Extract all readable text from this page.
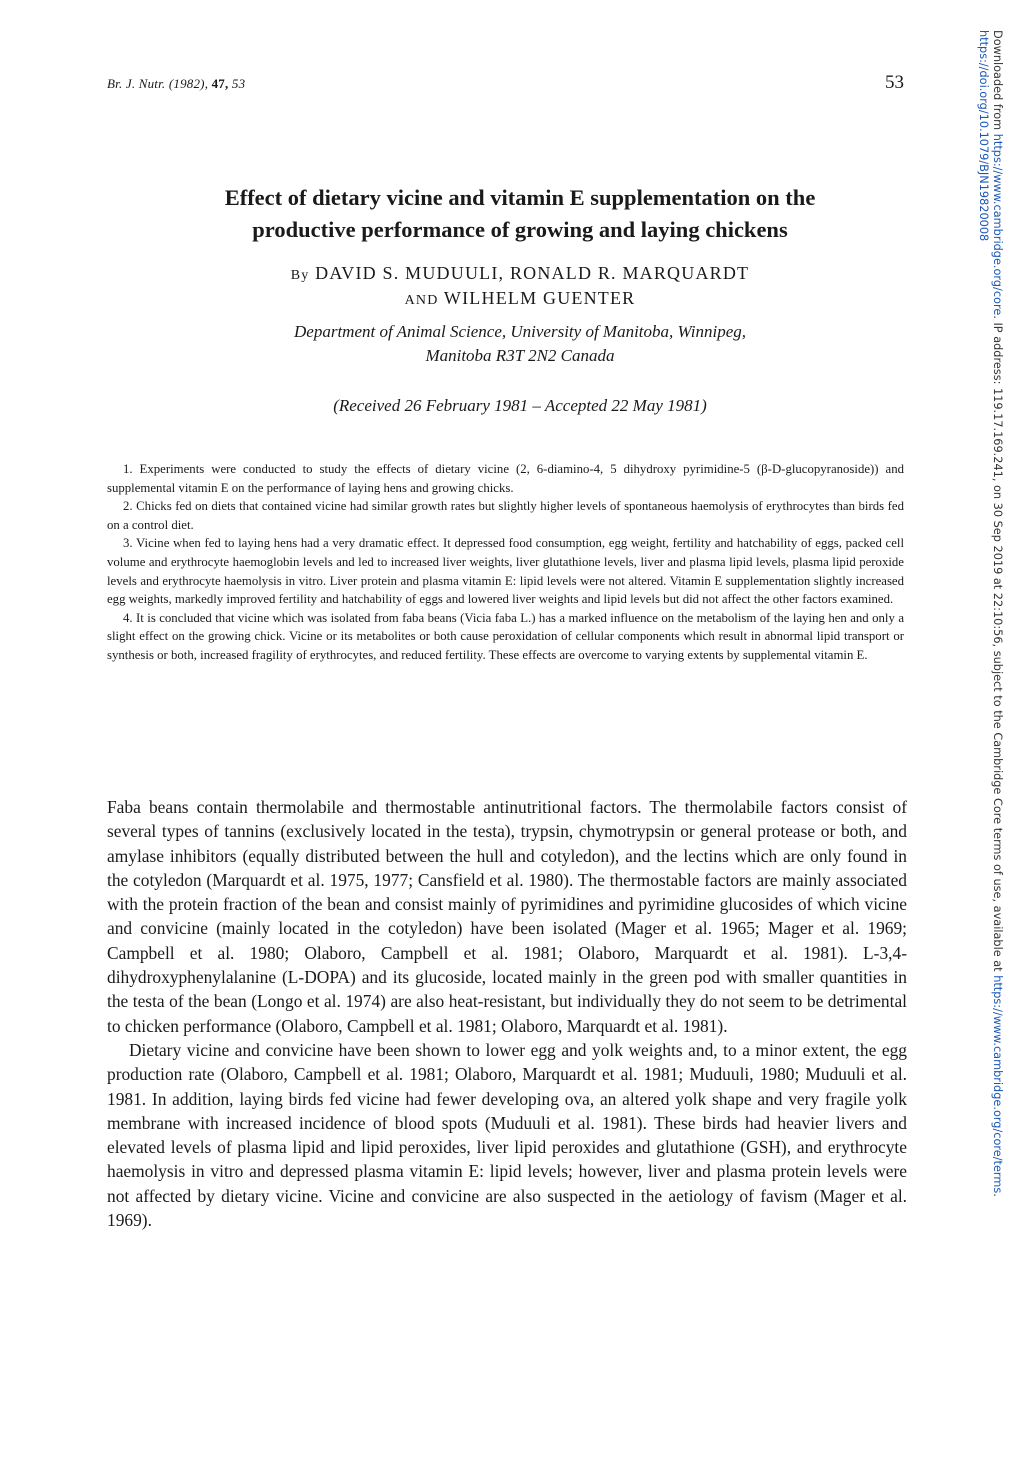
Br. J. Nutr. (1982), 47, 53	53
Effect of dietary vicine and vitamin E supplementation on the
productive performance of growing and laying chickens
By DAVID S. MUDUULI, RONALD R. MARQUARDT
AND WILHELM GUENTER
Department of Animal Science, University of Manitoba, Winnipeg,
Manitoba R3T 2N2 Canada
(Received 26 February 1981 – Accepted 22 May 1981)

1. Experiments were conducted to study the effects of dietary vicine (2, 6-diamino-4, 5 dihydroxy pyrimidine-5 (β-D-glucopyranoside)) and supplemental vitamin E on the performance of laying hens and growing chicks.

2. Chicks fed on diets that contained vicine had similar growth rates but slightly higher levels of spontaneous haemolysis of erythrocytes than birds fed on a control diet.

3. Vicine when fed to laying hens had a very dramatic effect. It depressed food consumption, egg weight, fertility and hatchability of eggs, packed cell volume and erythrocyte haemoglobin levels and led to increased liver weights, liver glutathione levels, liver and plasma lipid levels, plasma lipid peroxide levels and erythrocyte haemolysis in vitro. Liver protein and plasma vitamin E: lipid levels were not altered. Vitamin E supplementation slightly increased egg weights, markedly improved fertility and hatchability of eggs and lowered liver weights and lipid levels but did not affect the other factors examined.

4. It is concluded that vicine which was isolated from faba beans (Vicia faba L.) has a marked influence on the metabolism of the laying hen and only a slight effect on the growing chick. Vicine or its metabolites or both cause peroxidation of cellular components which result in abnormal lipid transport or synthesis or both, increased fragility of erythrocytes, and reduced fertility. These effects are overcome to varying extents by supplemental vitamin E.

Faba beans contain thermolabile and thermostable antinutritional factors. The thermolabile factors consist of several types of tannins (exclusively located in the testa), trypsin, chymotrypsin or general protease or both, and amylase inhibitors (equally distributed between the hull and cotyledon), and the lectins which are only found in the cotyledon (Marquardt et al. 1975, 1977; Cansfield et al. 1980). The thermostable factors are mainly associated with the protein fraction of the bean and consist mainly of pyrimidines and pyrimidine glucosides of which vicine and convicine (mainly located in the cotyledon) have been isolated (Mager et al. 1965; Mager et al. 1969; Campbell et al. 1980; Olaboro, Campbell et al. 1981; Olaboro, Marquardt et al. 1981). L-3,4-dihydroxyphenylalanine (L-DOPA) and its glucoside, located mainly in the green pod with smaller quantities in the testa of the bean (Longo et al. 1974) are also heat-resistant, but individually they do not seem to be detrimental to chicken performance (Olaboro, Campbell et al. 1981; Olaboro, Marquardt et al. 1981).

Dietary vicine and convicine have been shown to lower egg and yolk weights and, to a minor extent, the egg production rate (Olaboro, Campbell et al. 1981; Olaboro, Marquardt et al. 1981; Muduuli, 1980; Muduuli et al. 1981. In addition, laying birds fed vicine had fewer developing ova, an altered yolk shape and very fragile yolk membrane with increased incidence of blood spots (Muduuli et al. 1981). These birds had heavier livers and elevated levels of plasma lipid and lipid peroxides, liver lipid peroxides and glutathione (GSH), and erythrocyte haemolysis in vitro and depressed plasma vitamin E: lipid levels; however, liver and plasma protein levels were not affected by dietary vicine. Vicine and convicine are also suspected in the aetiology of favism (Mager et al. 1969).

Downloaded from https://www.cambridge.org/core. IP address: 119.17.169.241, on 30 Sep 2019 at 22:10:56, subject to the Cambridge Core terms of use, available at https://www.cambridge.org/core/terms.
https://doi.org/10.1079/BJN19820008
